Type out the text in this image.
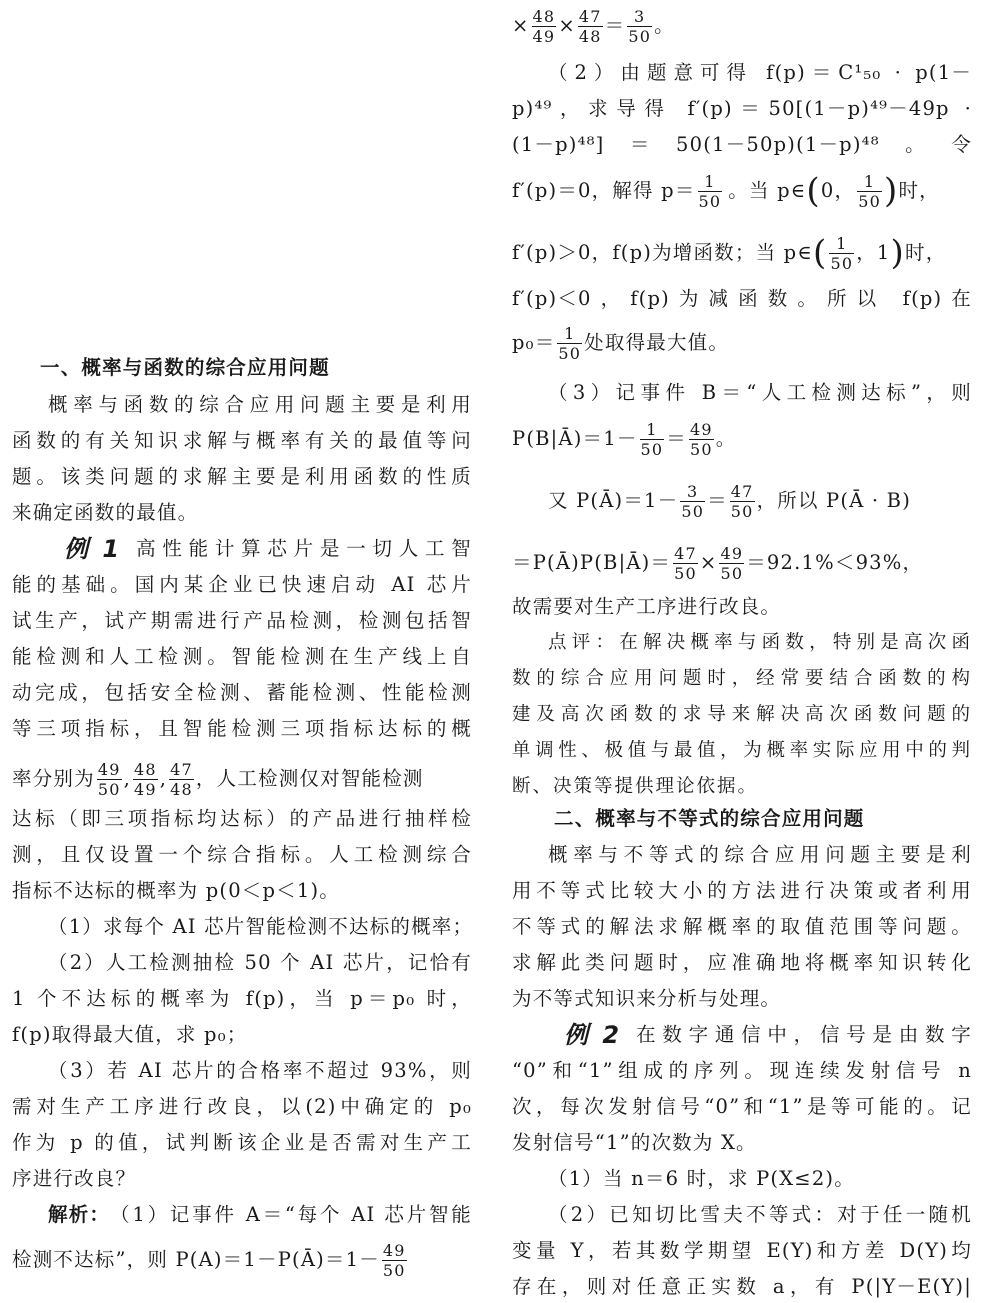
一、概率与函数的综合应用问题
概率与函数的综合应用问题主要是利用
函数的有关知识求解与概率有关的最值等问
题。该类问题的求解主要是利用函数的性质
来确定函数的最值。
例 1 高性能计算芯片是一切人工智
能的基础。国内某企业已快速启动 AI 芯片
试生产，试产期需进行产品检测，检测包括智
能检测和人工检测。智能检测在生产线上自
动完成，包括安全检测、蓄能检测、性能检测
等三项指标，且智能检测三项指标达标的概
率分别为 $\frac{49}{50}$ , $\frac{48}{49}$ , $\frac{47}{48}$ ，人工检测仅对智能检测
达标（即三项指标均达标）的产品进行抽样检
测，且仅设置一个综合指标。人工检测综合
指标不达标的概率为 p(0＜p＜1)。
（1）求每个 AI 芯片智能检测不达标的概率；
（2）人工检测抽检 50 个 AI 芯片，记恰有
1 个不达标的概率为 f(p)，当 p＝p₀ 时，
f(p)取得最大值，求 p₀；
（3）若 AI 芯片的合格率不超过 93%，则
需对生产工序进行改良，以(2)中确定的 p₀
作为 p 的值，试判断该企业是否需对生产工
序进行改良？
解析： （1）记事件 A＝“每个 AI 芯片智能
检测不达标”，则 P(A)＝1－P(Ā)＝1－ $\frac{49}{50}$
× $\frac{48}{49} \times \frac{47}{48} = \frac{3}{50}$ 。
（2）由题意可得 f(p)＝C¹₅₀ · p(1－
p)⁴⁹，求导得 f′(p)＝50[(1－p)⁴⁹－49p ·
(1－p)⁴⁸]＝50(1－50p)(1－p)⁴⁸。令
f′(p)＝0，解得 $p= \frac{1}{50}$ 。当 p∈ ( 0， $\frac{1}{50}$ ) 时，
f′(p)＞0，f(p)为增函数；当 p∈ ( $\frac{1}{50}$ ，1 ) 时，
f′(p)＜0，f(p)为减函数。所以 f(p)在
$p_0= \frac{1}{50}$ 处取得最大值。
（3）记事件 B＝“人工检测达标”，则
P(B|Ā)＝1－ $\frac{1}{50} = \frac{49}{50}$ 。
又 P(Ā)＝1－ $\frac{3}{50} = \frac{47}{50}$ ，所以 P(Ā · B)
＝P(Ā)P(B|Ā)＝ $\frac{47}{50} \times \frac{49}{50} =92.1\%<93\%$，
故需要对生产工序进行改良。
点评：在解决概率与函数，特别是高次函
数的综合应用问题时，经常要结合函数的构
建及高次函数的求导来解决高次函数问题的
单调性、极值与最值，为概率实际应用中的判
断、决策等提供理论依据。
二、概率与不等式的综合应用问题
概率与不等式的综合应用问题主要是利
用不等式比较大小的方法进行决策或者利用
不等式的解法求解概率的取值范围等问题。
求解此类问题时，应准确地将概率知识转化
为不等式知识来分析与处理。
例 2 在数字通信中，信号是由数字
“0”和“1”组成的序列。现连续发射信号 n
次，每次发射信号“0”和“1”是等可能的。记
发射信号“1”的次数为 X。
（1）当 n＝6 时，求 P(X≤2)。
（2）已知切比雪夫不等式：对于任一随机
变量 Y，若其数学期望 E(Y)和方差 D(Y)均
存在，则对任意正实数 a，有 P(|Y－E(Y)|
